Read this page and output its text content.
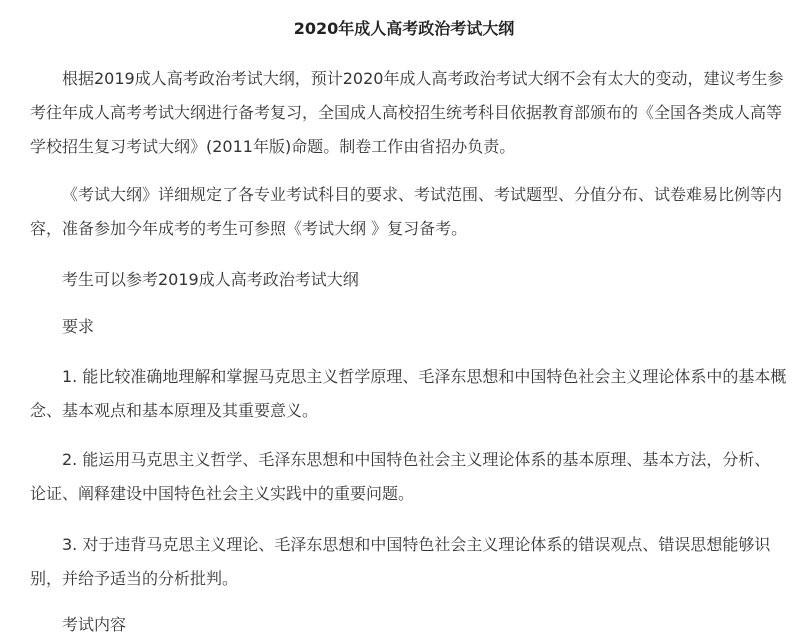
2020年成人高考政治考试大纲

根据2019成人高考政治考试大纲，预计2020年成人高考政治考试大纲不会有太大的变动，建议考生参考往年成人高考考试大纲进行备考复习，全国成人高校招生统考科目依据教育部颁布的《全国各类成人高等学校招生复习考试大纲》(2011年版)命题。制卷工作由省招办负责。

《考试大纲》详细规定了各专业考试科目的要求、考试范围、考试题型、分值分布、试卷难易比例等内容，准备参加今年成考的考生可参照《考试大纲 》复习备考。

考生可以参考2019成人高考政治考试大纲

要求

1. 能比较准确地理解和掌握马克思主义哲学原理、毛泽东思想和中国特色社会主义理论体系中的基本概念、基本观点和基本原理及其重要意义。

2. 能运用马克思主义哲学、毛泽东思想和中国特色社会主义理论体系的基本原理、基本方法，分析、论证、阐释建设中国特色社会主义实践中的重要问题。

3. 对于违背马克思主义理论、毛泽东思想和中国特色社会主义理论体系的错误观点、错误思想能够识别，并给予适当的分析批判。

考试内容
